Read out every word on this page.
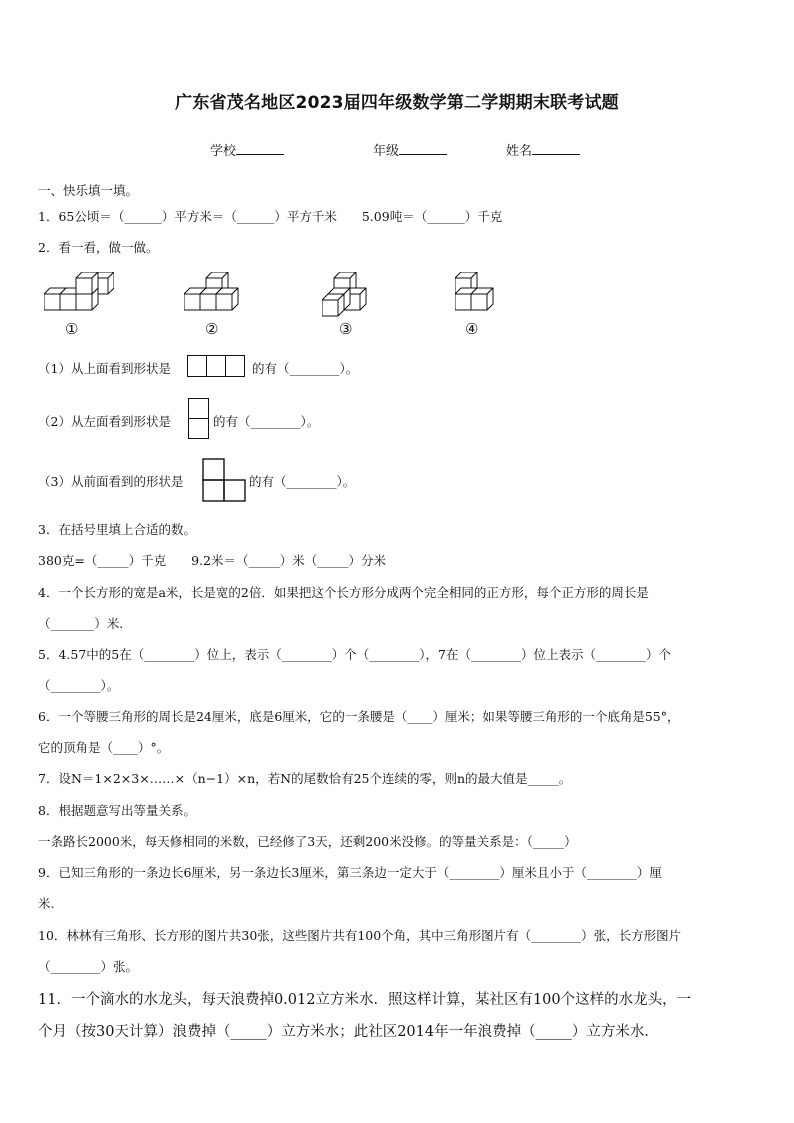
广东省茂名地区2023届四年级数学第二学期期末联考试题
学校	年级	姓名
一、快乐填一填。
1．65公顷＝（______）平方米＝（______）平方千米　　5.09吨＝（______）千克
2．看一看，做一做。
①	②	③	④
（1）从上面看到形状是	的有（________）。
（2）从左面看到形状是	的有（________）。
（3）从前面看到的形状是	的有（________）。
3．在括号里填上合适的数。
380克=（_____）千克　　9.2米＝（_____）米（_____）分米
4．一个长方形的宽是a米，长是宽的2倍．如果把这个长方形分成两个完全相同的正方形，每个正方形的周长是
（_______）米.
5．4.57中的5在（________）位上，表示（________）个（________），7在（________）位上表示（________）个
（________）。
6．一个等腰三角形的周长是24厘米，底是6厘米，它的一条腰是（____）厘米；如果等腰三角形的一个底角是55°，
它的顶角是（____）°。
7．设N＝1×2×3×……×（n−1）×n，若N的尾数恰有25个连续的零，则n的最大值是_____。
8．根据题意写出等量关系。
一条路长2000米，每天修相同的米数，已经修了3天，还剩200米没修。的等量关系是：（_____）
9．已知三角形的一条边长6厘米，另一条边长3厘米，第三条边一定大于（________）厘米且小于（________）厘
米.
10．林林有三角形、长方形的图片共30张，这些图片共有100个角，其中三角形图片有（________）张，长方形图片
（________）张。
11．一个滴水的水龙头，每天浪费掉0.012立方米水．照这样计算，某社区有100个这样的水龙头，一
个月（按30天计算）浪费掉（_____）立方米水；此社区2014年一年浪费掉（_____）立方米水．
